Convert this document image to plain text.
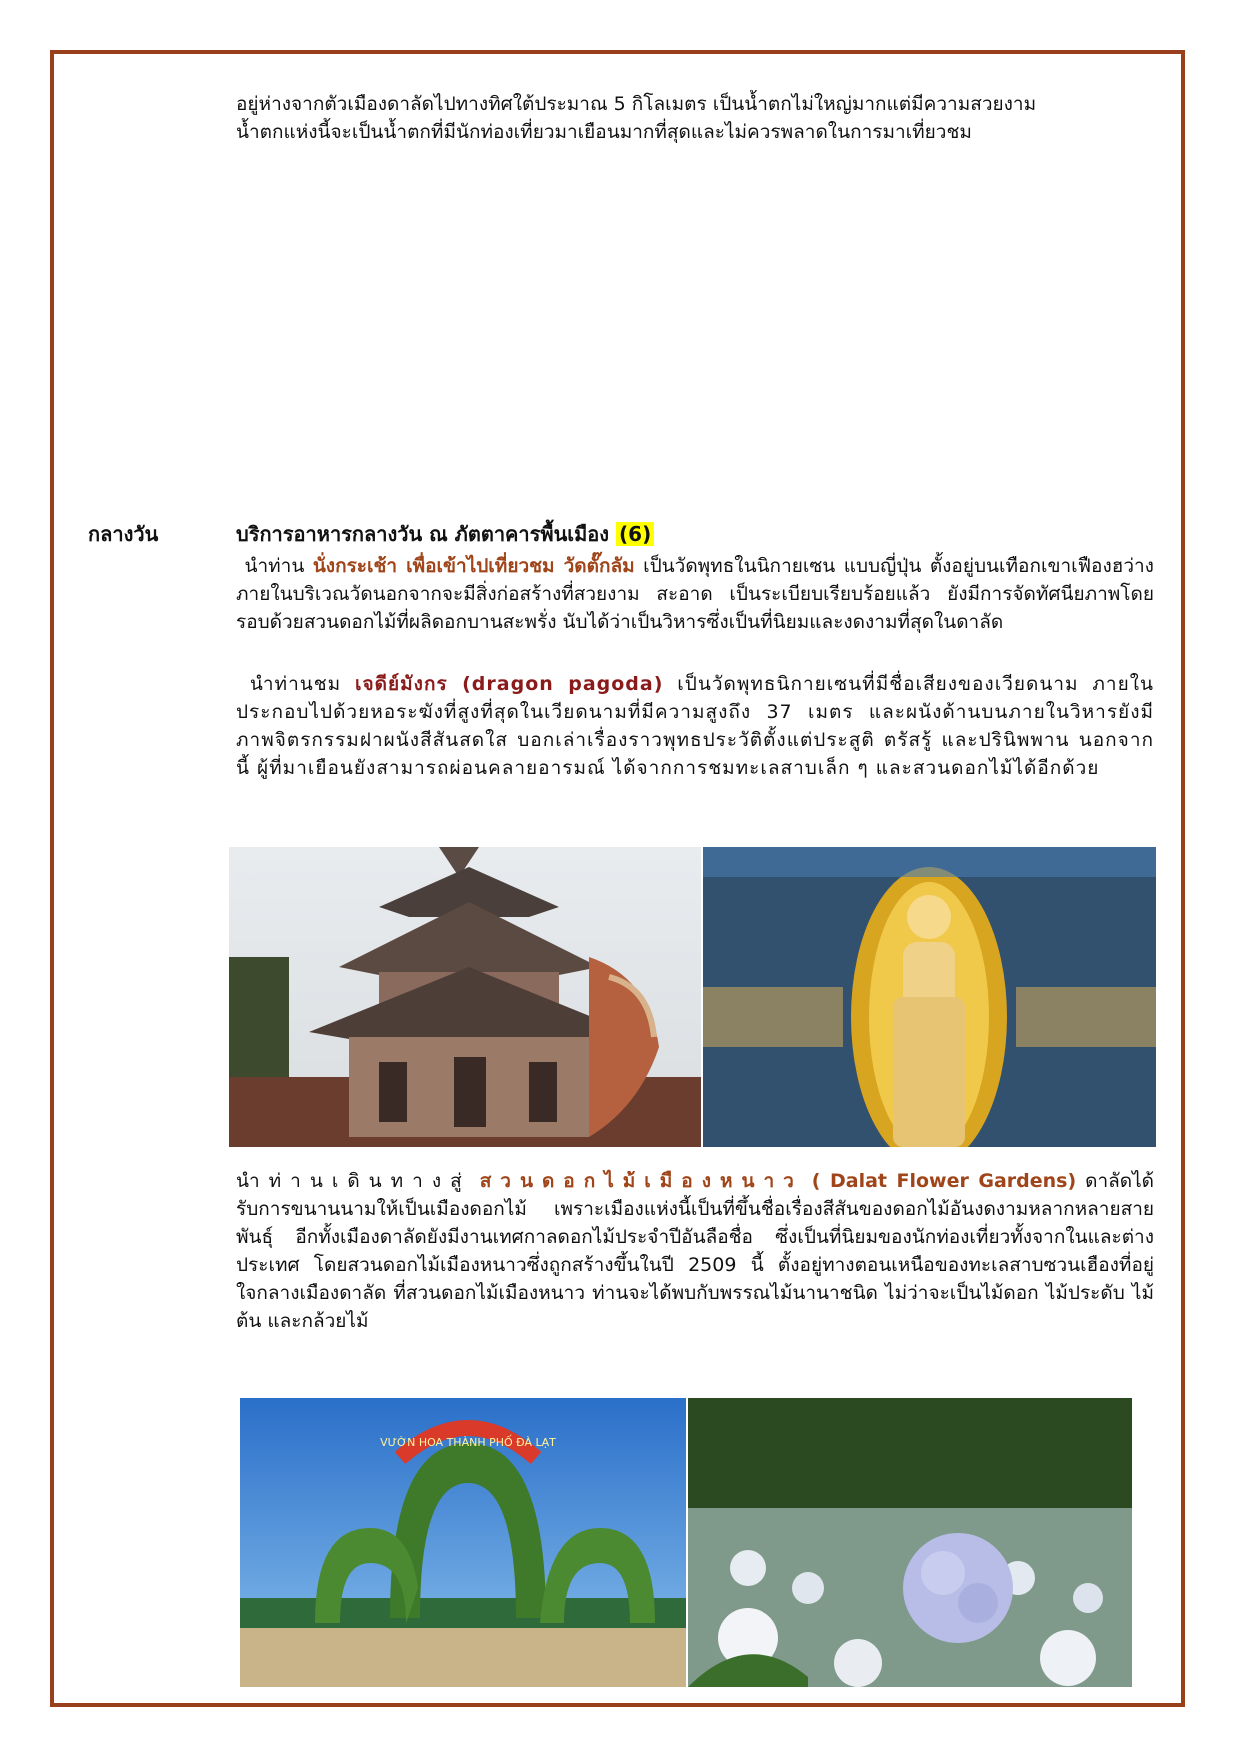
อยู่ห่างจากตัวเมืองดาลัดไปทางทิศใต้ประมาณ 5 กิโลเมตร เป็นน้ำตกไม่ใหญ่มากแต่มีความสวยงาม
น้ำตกแห่งนี้จะเป็นน้ำตกที่มีนักท่องเที่ยวมาเยือนมากที่สุดและไม่ควรพลาดในการมาเที่ยวชม

กลางวัน	บริการอาหารกลางวัน ณ ภัตตาคารพื้นเมือง (6)

นำท่าน นั่งกระเช้า เพื่อเข้าไปเที่ยวชม วัดตั๊กลัม เป็นวัดพุทธในนิกายเซน แบบญี่ปุ่น ตั้งอยู่บนเทือกเขาเฟืองฮว่าง ภายในบริเวณวัดนอกจากจะมีสิ่งก่อสร้างที่สวยงาม สะอาด เป็นระเบียบเรียบร้อยแล้ว ยังมีการจัดทัศนียภาพโดยรอบด้วยสวนดอกไม้ที่ผลิดอกบานสะพรั่ง นับได้ว่าเป็นวิหารซึ่งเป็นที่นิยมและงดงามที่สุดในดาลัด

นำท่านชม เจดีย์มังกร (dragon pagoda) เป็นวัดพุทธนิกายเซนที่มีชื่อเสียงของเวียดนาม ภายในประกอบไปด้วยหอระฆังที่สูงที่สุดในเวียดนามที่มีความสูงถึง 37 เมตร และผนังด้านบนภายในวิหารยังมีภาพจิตรกรรมฝาผนังสีสันสดใส บอกเล่าเรื่องราวพุทธประวัติตั้งแต่ประสูติ ตรัสรู้ และปรินิพพาน นอกจากนี้ ผู้ที่มาเยือนยังสามารถผ่อนคลายอารมณ์ ได้จากการชมทะเลสาบเล็ก ๆ และสวนดอกไม้ได้อีกด้วย

นำท่านเดินทางสู่ สวนดอกไม้เมืองหนาว ( Dalat Flower Gardens) ดาลัดได้รับการขนานนามให้เป็นเมืองดอกไม้ เพราะเมืองแห่งนี้เป็นที่ขึ้นชื่อเรื่องสีสันของดอกไม้อันงดงามหลากหลายสายพันธุ์ อีกทั้งเมืองดาลัดยังมีงานเทศกาลดอกไม้ประจำปีอันลือชื่อ ซึ่งเป็นที่นิยมของนักท่องเที่ยวทั้งจากในและต่างประเทศ โดยสวนดอกไม้เมืองหนาวซึ่งถูกสร้างขึ้นในปี 2509 นี้ ตั้งอยู่ทางตอนเหนือของทะเลสาบซวนเฮืองที่อยู่ใจกลางเมืองดาลัด ที่สวนดอกไม้เมืองหนาว ท่านจะได้พบกับพรรณไม้นานาชนิด ไม่ว่าจะเป็นไม้ดอก ไม้ประดับ ไม้ต้น และกล้วยไม้

VƯỜN HOA THÀNH PHỐ ĐÀ LẠT
